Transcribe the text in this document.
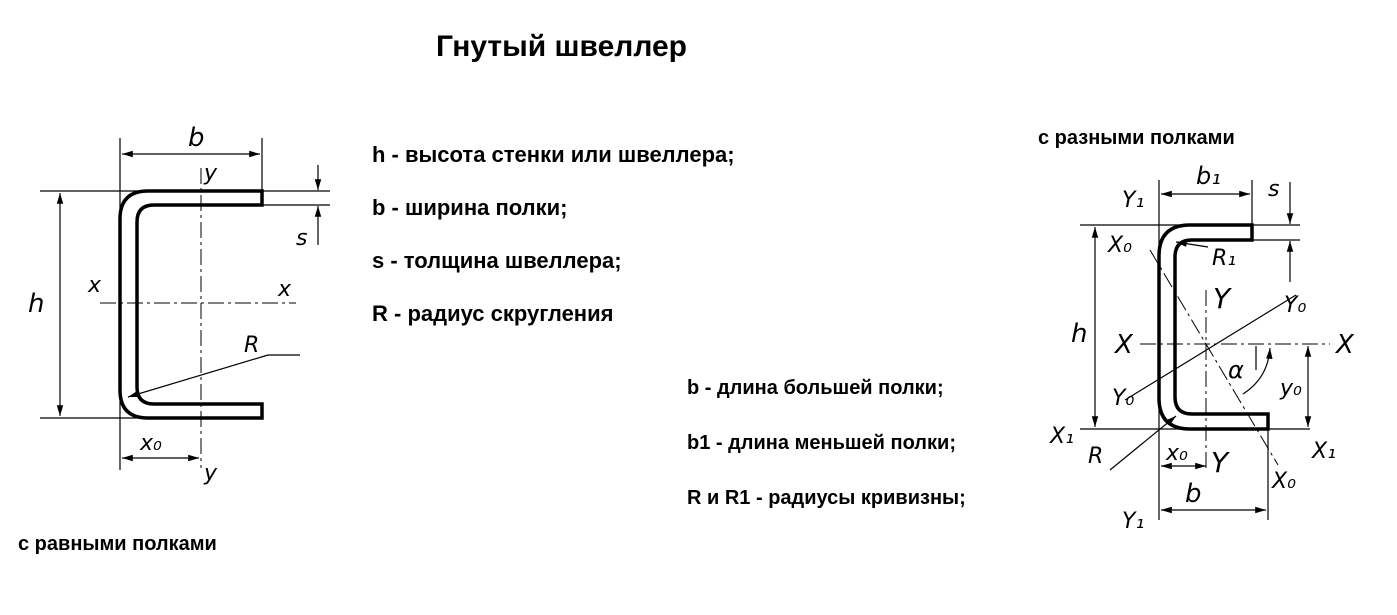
Гнутый швеллер
h - высота стенки или швеллера;
b - ширина полки;
s - толщина швеллера;
R - радиус скругления
b - длина большей полки;
b1 - длина меньшей полки;
R и R1 - радиусы кривизны;
с равными полками
с разными полками
b
y
s
h
x	x
R
x₀
y
b₁ s
Y₁
X₀
R₁
Y Y₀
h X	X
α
Y₀	y₀
X₁
X₁
R	x₀ Y
X₀
b
Y₁
